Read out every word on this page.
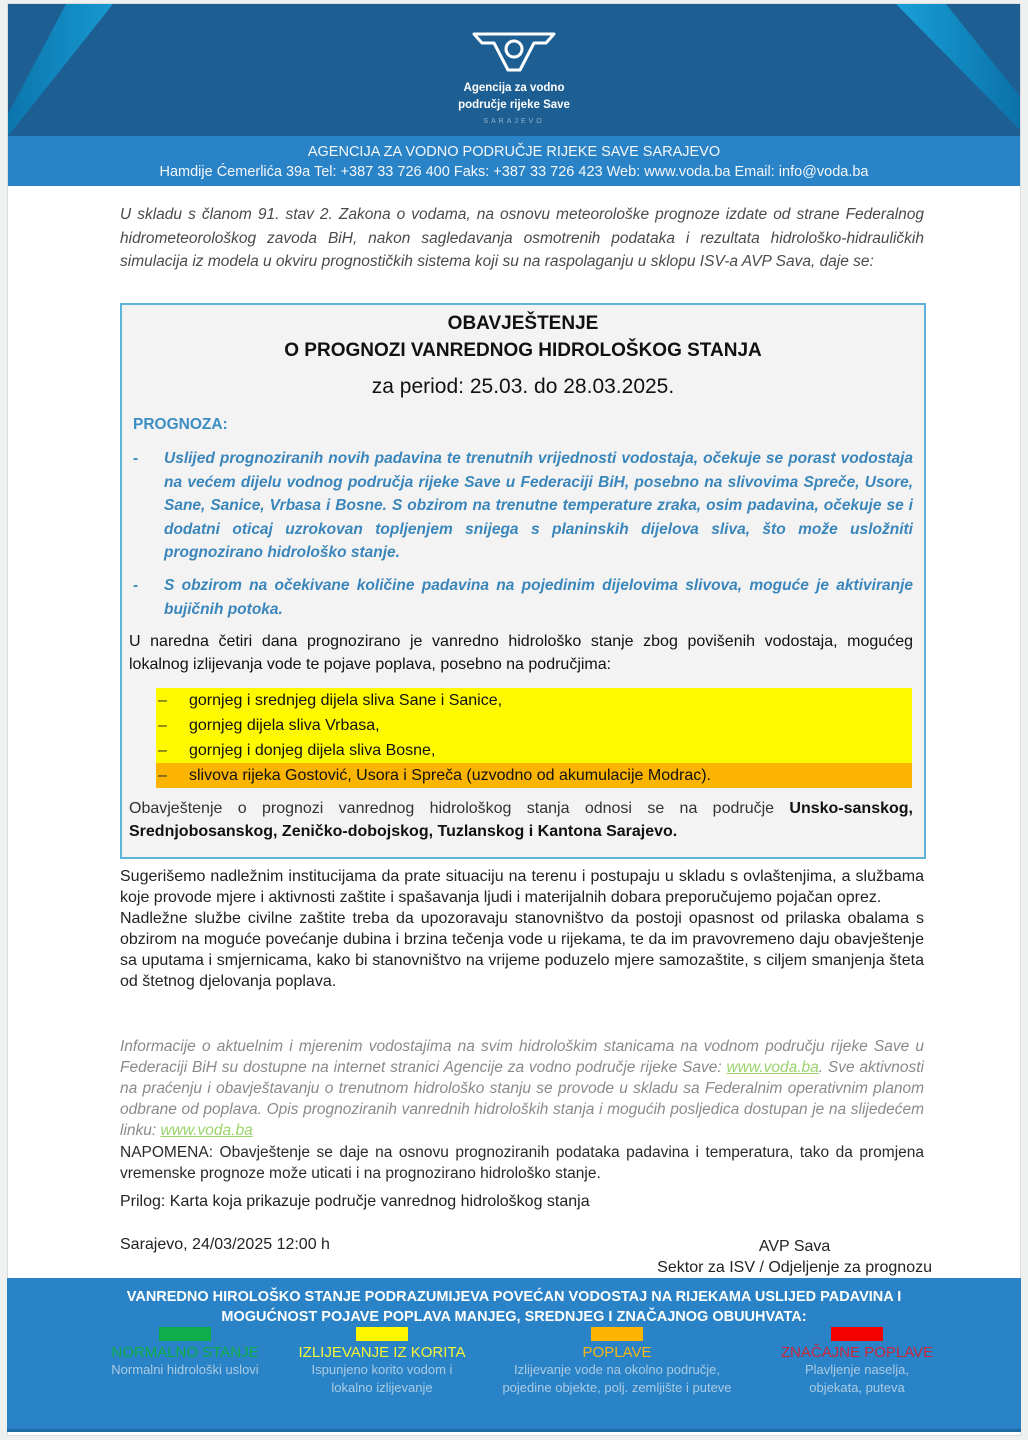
Agencija za vodno
područje rijeke Save
SARAJEVO
AGENCIJA ZA VODNO PODRUČJE RIJEKE SAVE SARAJEVO
Hamdije Ćemerlića 39a Tel: +387 33 726 400 Faks: +387 33 726 423 Web: www.voda.ba Email: info@voda.ba

U skladu s članom 91. stav 2. Zakona o vodama, na osnovu meteorološke prognoze izdate od strane Federalnog hidrometeorološkog zavoda BiH, nakon sagledavanja osmotrenih podataka i rezultata hidrološko-hidrauličkih simulacija iz modela u okviru prognostičkih sistema koji su na raspolaganju u sklopu ISV-a AVP Sava, daje se:

OBAVJEŠTENJE
O PROGNOZI VANREDNOG HIDROLOŠKOG STANJA
za period: 25.03. do 28.03.2025.
PROGNOZA:
- Uslijed prognoziranih novih padavina te trenutnih vrijednosti vodostaja, očekuje se porast vodostaja na većem dijelu vodnog područja rijeke Save u Federaciji BiH, posebno na slivovima Spreče, Usore, Sane, Sanice, Vrbasa i Bosne. S obzirom na trenutne temperature zraka, osim padavina, očekuje se i dodatni oticaj uzrokovan topljenjem snijega s planinskih dijelova sliva, što može usložniti prognozirano hidrološko stanje.
- S obzirom na očekivane količine padavina na pojedinim dijelovima slivova, moguće je aktiviranje bujičnih potoka.

U naredna četiri dana prognozirano je vanredno hidrološko stanje zbog povišenih vodostaja, mogućeg lokalnog izlijevanja vode te pojave poplava, posebno na područjima:

– gornjeg i srednjeg dijela sliva Sane i Sanice,
– gornjeg dijela sliva Vrbasa,
– gornjeg i donjeg dijela sliva Bosne,
– slivova rijeka Gostović, Usora i Spreča (uzvodno od akumulacije Modrac).

Obavještenje o prognozi vanrednog hidrološkog stanja odnosi se na područje Unsko-sanskog, Srednjobosanskog, Zeničko-dobojskog, Tuzlanskog i Kantona Sarajevo.

Sugerišemo nadležnim institucijama da prate situaciju na terenu i postupaju u skladu s ovlaštenjima, a službama koje provode mjere i aktivnosti zaštite i spašavanja ljudi i materijalnih dobara preporučujemo pojačan oprez.

Nadležne službe civilne zaštite treba da upozoravaju stanovništvo da postoji opasnost od prilaska obalama s obzirom na moguće povećanje dubina i brzina tečenja vode u rijekama, te da im pravovremeno daju obavještenje sa uputama i smjernicama, kako bi stanovništvo na vrijeme poduzelo mjere samozaštite, s ciljem smanjenja šteta od štetnog djelovanja poplava.

Informacije o aktuelnim i mjerenim vodostajima na svim hidrološkim stanicama na vodnom području rijeke Save u Federaciji BiH su dostupne na internet stranici Agencije za vodno područje rijeke Save: www.voda.ba. Sve aktivnosti na praćenju i obavještavanju o trenutnom hidrološko stanju se provode u skladu sa Federalnim operativnim planom odbrane od poplava. Opis prognoziranih vanrednih hidroloških stanja i mogućih posljedica dostupan je na slijedećem linku: www.voda.ba

NAPOMENA: Obavještenje se daje na osnovu prognoziranih podataka padavina i temperatura, tako da promjena vremenske prognoze može uticati i na prognozirano hidrološko stanje.

Prilog: Karta koja prikazuje područje vanrednog hidrološkog stanja

Sarajevo, 24/03/2025 12:00 h	AVP Sava
Sektor za ISV / Odjeljenje za prognozu
VANREDNO HIROLOŠKO STANJE PODRAZUMIJEVA POVEĆAN VODOSTAJ NA RIJEKAMA USLIJED PADAVINA I
MOGUĆNOST POJAVE POPLAVA MANJEG, SREDNJEG I ZNAČAJNOG OBUUHVATA:
NORMALNO STANJE
Normalni hidrološki uslovi
IZLIJEVANJE IZ KORITA
Ispunjeno korito vodom i
lokalno izlijevanje
POPLAVE
Izlijevanje vode na okolno područje,
pojedine objekte, polj. zemljište i puteve
ZNAČAJNE POPLAVE
Plavljenje naselja,
objekata, puteva
